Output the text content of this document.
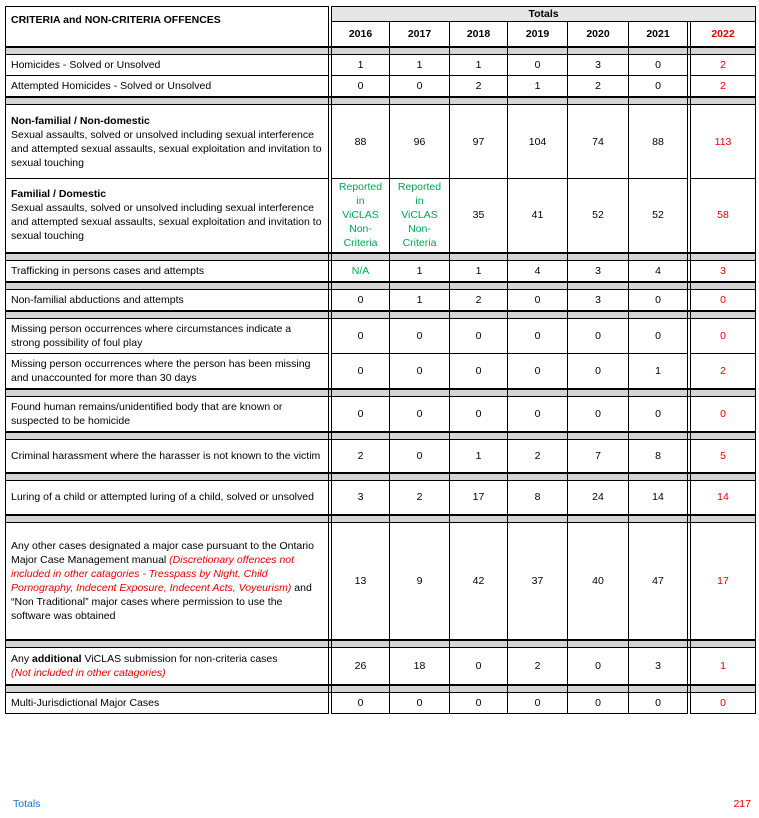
CRITERIA and NON-CRITERIA OFFENCES		Totals							
		2016	2017	2018	2019	2020	2021		2022

Homicides - Solved or Unsolved		1	1	1	0	3	0		2
Attempted Homicides - Solved or Unsolved		0	0	2	1	2	0		2

Non-familial / Non-domestic
Sexual assaults, solved or unsolved including sexual interference and attempted sexual assaults, sexual exploitation and invitation to sexual touching		88	96	97	104	74	88		113

Familial / Domestic
Sexual assaults, solved or unsolved including sexual interference and attempted sexual assaults, sexual exploitation and invitation to sexual touching		Reported in ViCLAS Non-Criteria	Reported in ViCLAS Non-Criteria	35	41	52	52		58

Trafficking in persons cases and attempts		N/A	1	1	4	3	4		3

Non-familial abductions and attempts		0	1	2	0	3	0		0

Missing person occurrences where circumstances indicate a strong possibility of foul play		0	0	0	0	0	0		0
Missing person occurrences where the person has been missing and unaccounted for more than 30 days		0	0	0	0	0	1		2

Found human remains/unidentified body that are known or suspected to be homicide		0	0	0	0	0	0		0

Criminal harassment where the harasser is not known to the victim		2	0	1	2	7	8		5

Luring of a child or attempted luring of a child, solved or unsolved		3	2	17	8	24	14		14

Any other cases designated a major case pursuant to the Ontario Major Case Management manual (Discretionary offences not included in other catagories - Tresspass by Night, Child Pornography, Indecent Exposure, Indecent Acts, Voyeurism) and “Non Traditional” major cases where permission to use the software was obtained		13	9	42	37	40	47		17

Any additional ViCLAS submission for non-criteria cases
(Not included in other catagories)		26	18	0	2	0	3		1

Multi-Jurisdictional Major Cases		0	0	0	0	0	0		0
Totals	217
